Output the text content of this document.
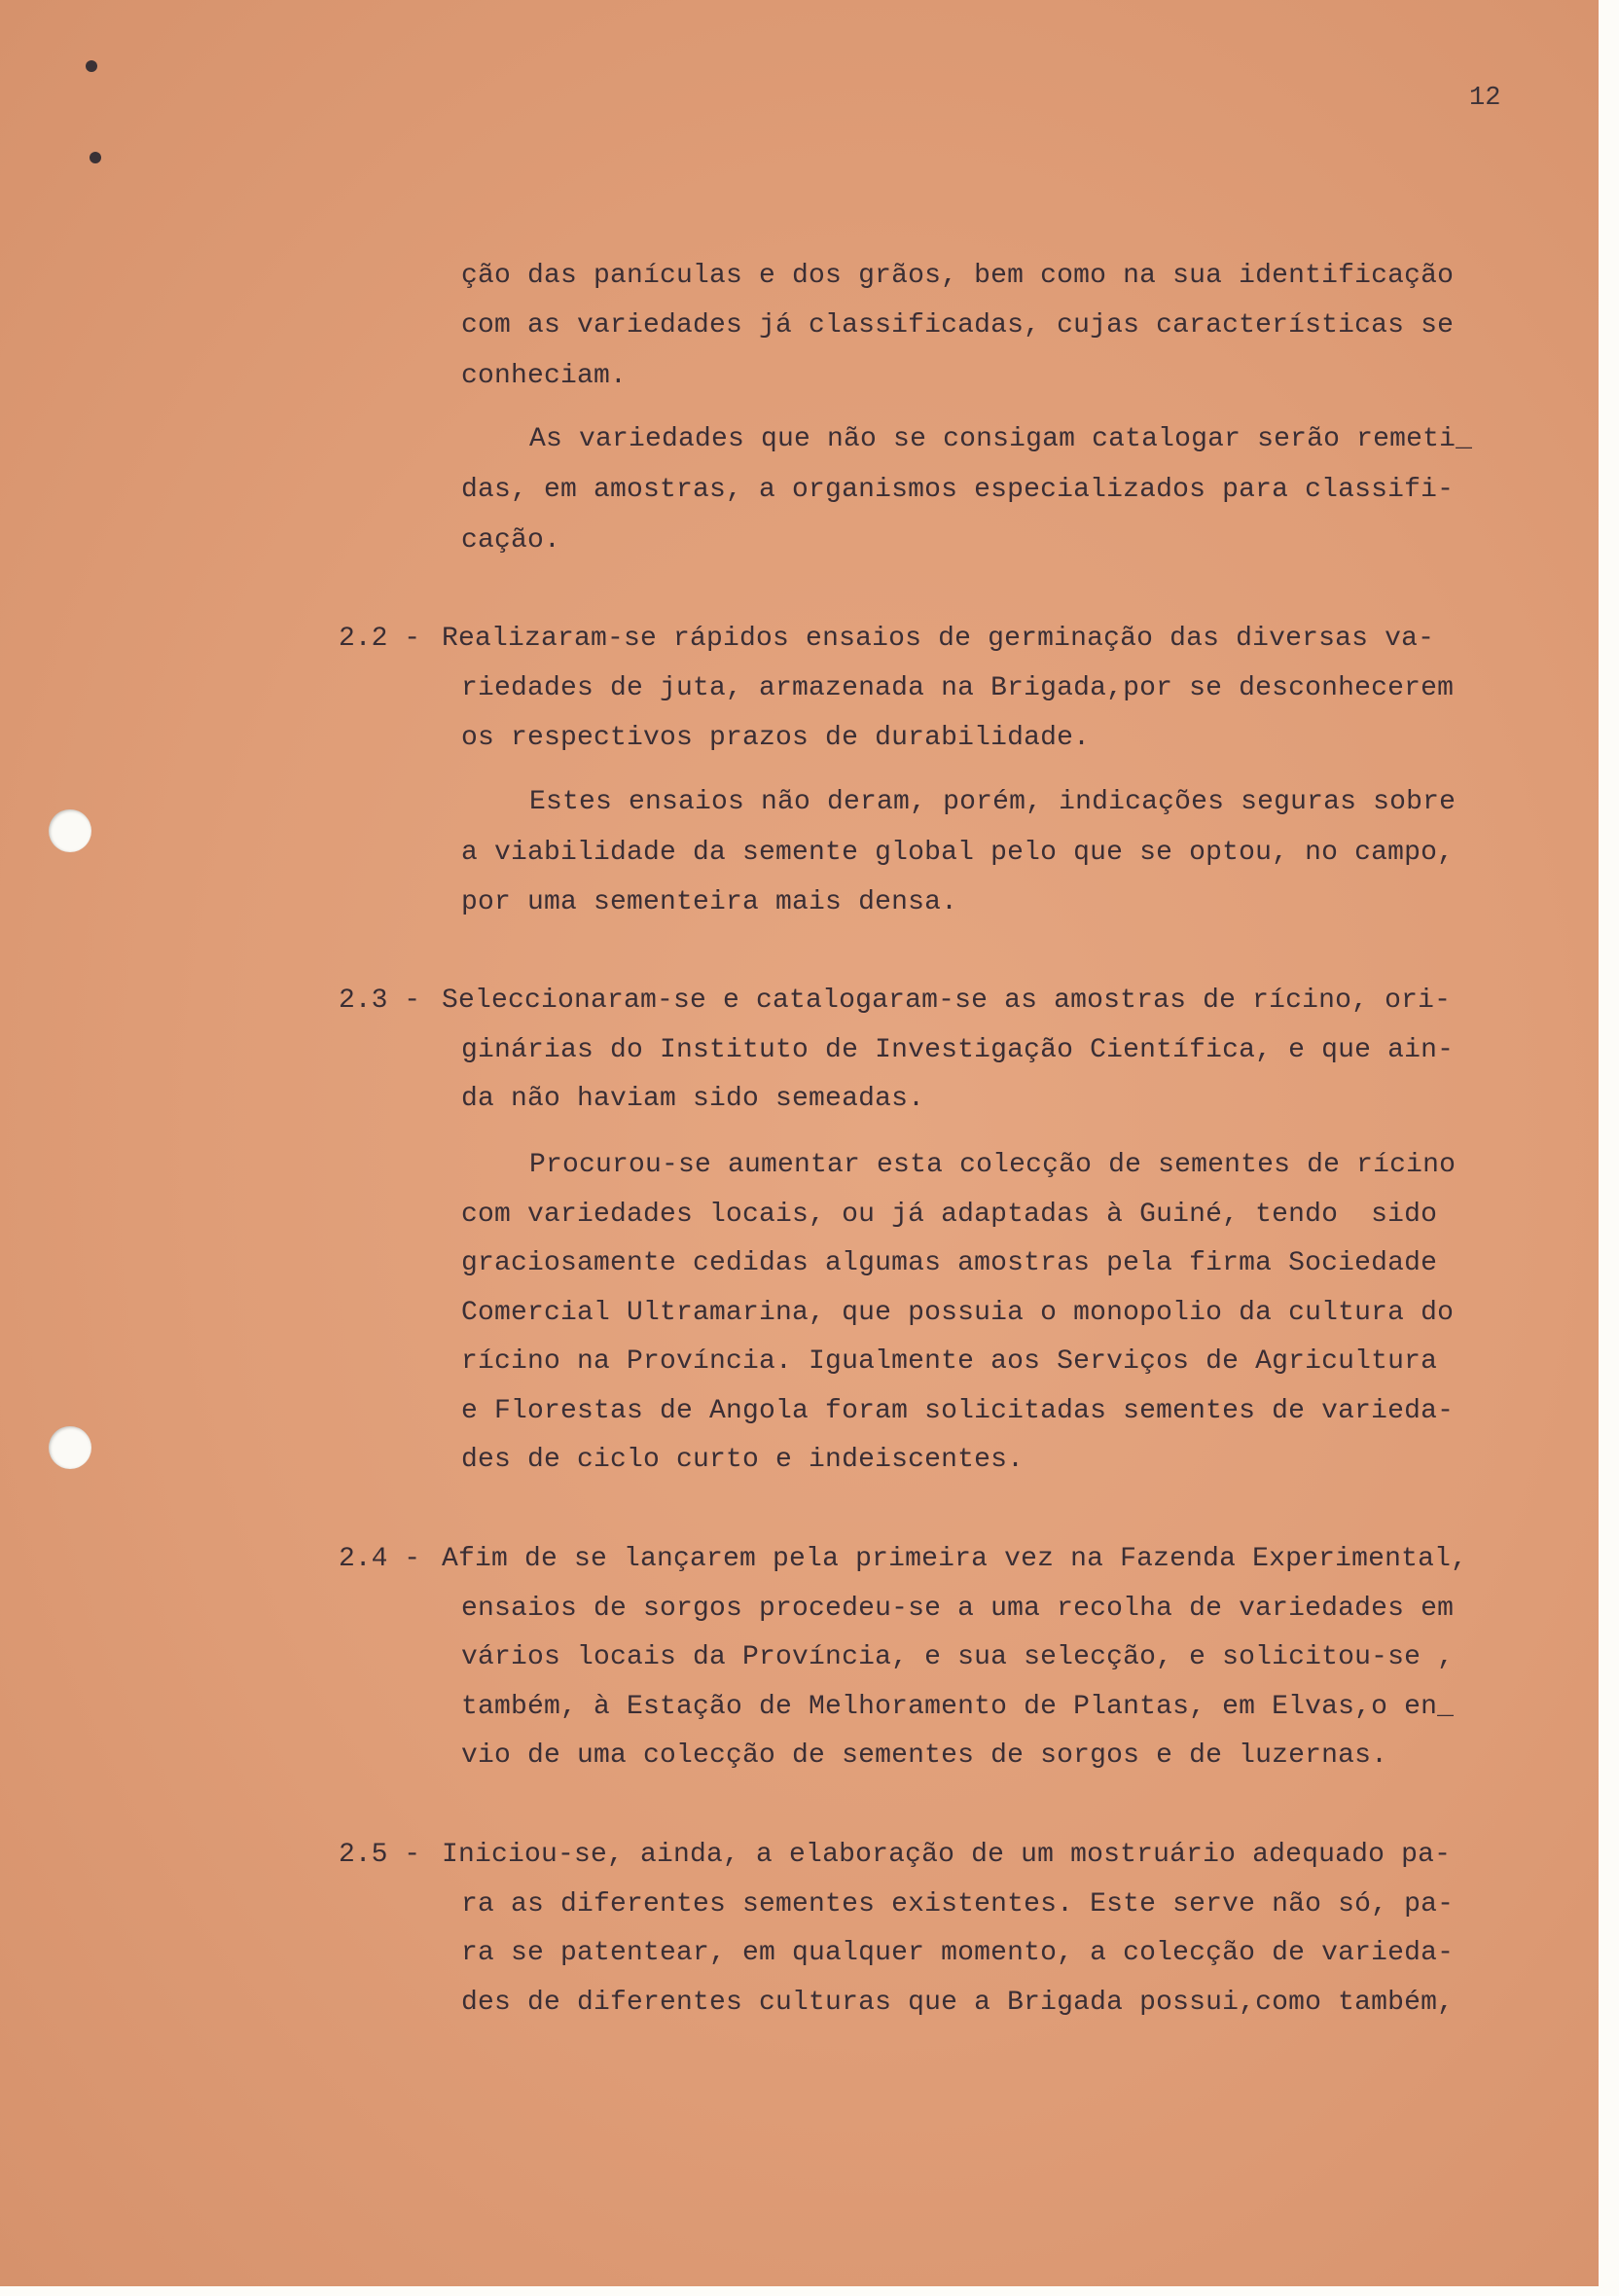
12
ção das panículas e dos grãos, bem como na sua identificação
com as variedades já classificadas, cujas características se
conheciam.
As variedades que não se consigam catalogar serão remeti_
das, em amostras, a organismos especializados para classifi-
cação.
2.2 - Realizaram-se rápidos ensaios de germinação das diversas va-
riedades de juta, armazenada na Brigada,por se desconhecerem
os respectivos prazos de durabilidade.
Estes ensaios não deram, porém, indicações seguras sobre
a viabilidade da semente global pelo que se optou, no campo,
por uma sementeira mais densa.
2.3 - Seleccionaram-se e catalogaram-se as amostras de rícino, ori-
ginárias do Instituto de Investigação Científica, e que ain-
da não haviam sido semeadas.
Procurou-se aumentar esta colecção de sementes de rícino
com variedades locais, ou já adaptadas à Guiné, tendo  sido
graciosamente cedidas algumas amostras pela firma Sociedade
Comercial Ultramarina, que possuia o monopolio da cultura do
rícino na Província. Igualmente aos Serviços de Agricultura
e Florestas de Angola foram solicitadas sementes de varieda-
des de ciclo curto e indeiscentes.
2.4 - Afim de se lançarem pela primeira vez na Fazenda Experimental,
ensaios de sorgos procedeu-se a uma recolha de variedades em
vários locais da Província, e sua selecção, e solicitou-se ,
também, à Estação de Melhoramento de Plantas, em Elvas,o en_
vio de uma colecção de sementes de sorgos e de luzernas.
2.5 - Iniciou-se, ainda, a elaboração de um mostruário adequado pa-
ra as diferentes sementes existentes. Este serve não só, pa-
ra se patentear, em qualquer momento, a colecção de varieda-
des de diferentes culturas que a Brigada possui,como também,
